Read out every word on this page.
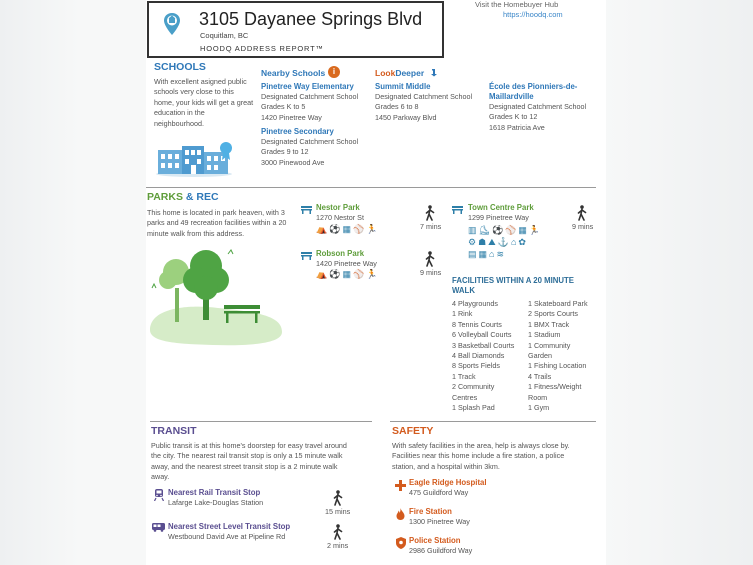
3105 Dayanee Springs Blvd
Coquitlam, BC
HOODQ ADDRESS REPORT™
Visit the Homebuyer Hub
https://hoodq.com
SCHOOLS
With excellent asigned public schools very close to this home, your kids will get a great education in the neighbourhood.
Nearby Schools i	LookDeeper
Pinetree Way Elementary
Designated Catchment School
Grades K to 5
1420 Pinetree Way
Pinetree Secondary
Designated Catchment School
Grades 9 to 12
3000 Pinewood Ave
Summit Middle
Designated Catchment School
Grades 6 to 8
1450 Parkway Blvd
École des Pionniers-de-Maillardville
Designated Catchment School
Grades K to 12
1618 Patricia Ave
PARKS & REC
This home is located in park heaven, with 3 parks and 49 recreation facilities within a 20 minute walk from this address.
Nestor Park
1270 Nestor St
⛺ ⚽ ▦ ⚾ 🏃	7 mins
Robson Park
1420 Pinetree Way
⛺ ⚽ ▦ ⚾ 🏃	9 mins
Town Centre Park
1299 Pinetree Way
▥ ⛸ ⚽ ⚾ ▦ 🏃
⚙ ☗ ⛰ ⚓ ⌂ ✿
▤ ▦ ⌂ ≋
9 mins
FACILITIES WITHIN A 20 MINUTE WALK
4 Playgrounds
1 Rink
8 Tennis Courts
6 Volleyball Courts
3 Basketball Courts
4 Ball Diamonds
8 Sports Fields
1 Track
2 Community Centres
1 Splash Pad
1 Skateboard Park
2 Sports Courts
1 BMX Track
1 Stadium
1 Community Garden
1 Fishing Location
4 Trails
1 Fitness/Weight Room
1 Gym
TRANSIT
Public transit is at this home's doorstep for easy travel around the city. The nearest rail transit stop is only a 15 minute walk away, and the nearest street transit stop is a 2 minute walk away.
Nearest Rail Transit Stop
Lafarge Lake-Douglas Station
15 mins
Nearest Street Level Transit Stop
Westbound David Ave at Pipeline Rd
2 mins
SAFETY
With safety facilities in the area, help is always close by. Facilities near this home include a fire station, a police station, and a hospital within 3km.
Eagle Ridge Hospital
475 Guildford Way
Fire Station
1300 Pinetree Way
Police Station
2986 Guildford Way
